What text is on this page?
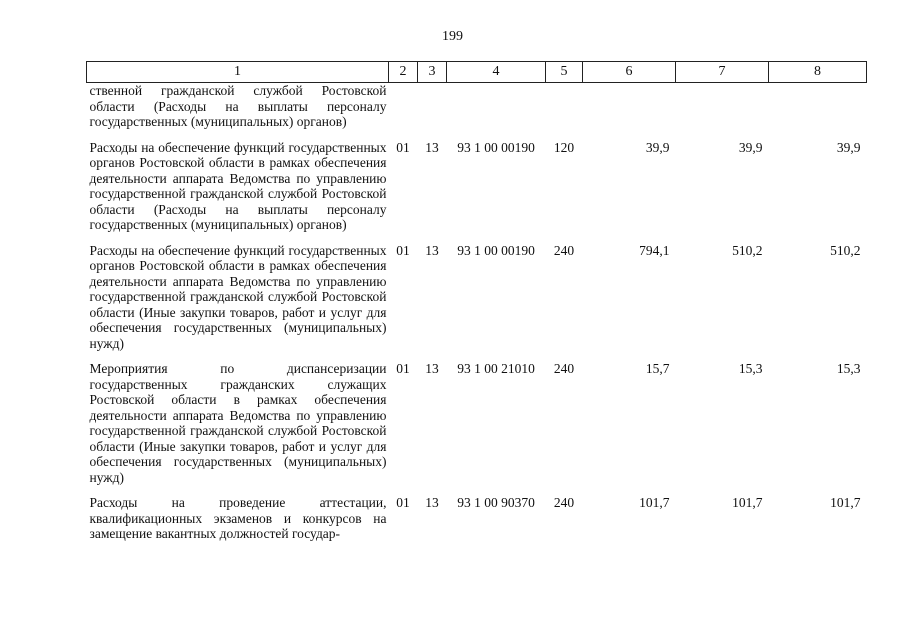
199
1	2	3	4	5	6	7	8
ственной гражданской службой Ростовской области (Расходы на выплаты персоналу государственных (муниципальных) органов)							
Расходы на обеспечение функций государственных органов Ростовской области в рамках обеспечения деятельности аппарата Ведомства по управлению государственной гражданской службой Ростовской области (Расходы на выплаты персоналу государственных (муниципальных) органов)	01	13	93 1 00 00190	120	39,9	39,9	39,9
Расходы на обеспечение функций государственных органов Ростовской области в рамках обеспечения деятельности аппарата Ведомства по управлению государственной гражданской службой Ростовской области (Иные закупки товаров, работ и услуг для обеспечения государственных (муниципальных) нужд)	01	13	93 1 00 00190	240	794,1	510,2	510,2
Мероприятия по диспансеризации государственных гражданских служащих Ростовской области в рамках обеспечения деятельности аппарата Ведомства по управлению государственной гражданской службой Ростовской области (Иные закупки товаров, работ и услуг для обеспечения государственных (муниципальных) нужд)	01	13	93 1 00 21010	240	15,7	15,3	15,3
Расходы на проведение аттестации, квалификационных экзаменов и конкурсов на замещение вакантных должностей государ-	01	13	93 1 00 90370	240	101,7	101,7	101,7
